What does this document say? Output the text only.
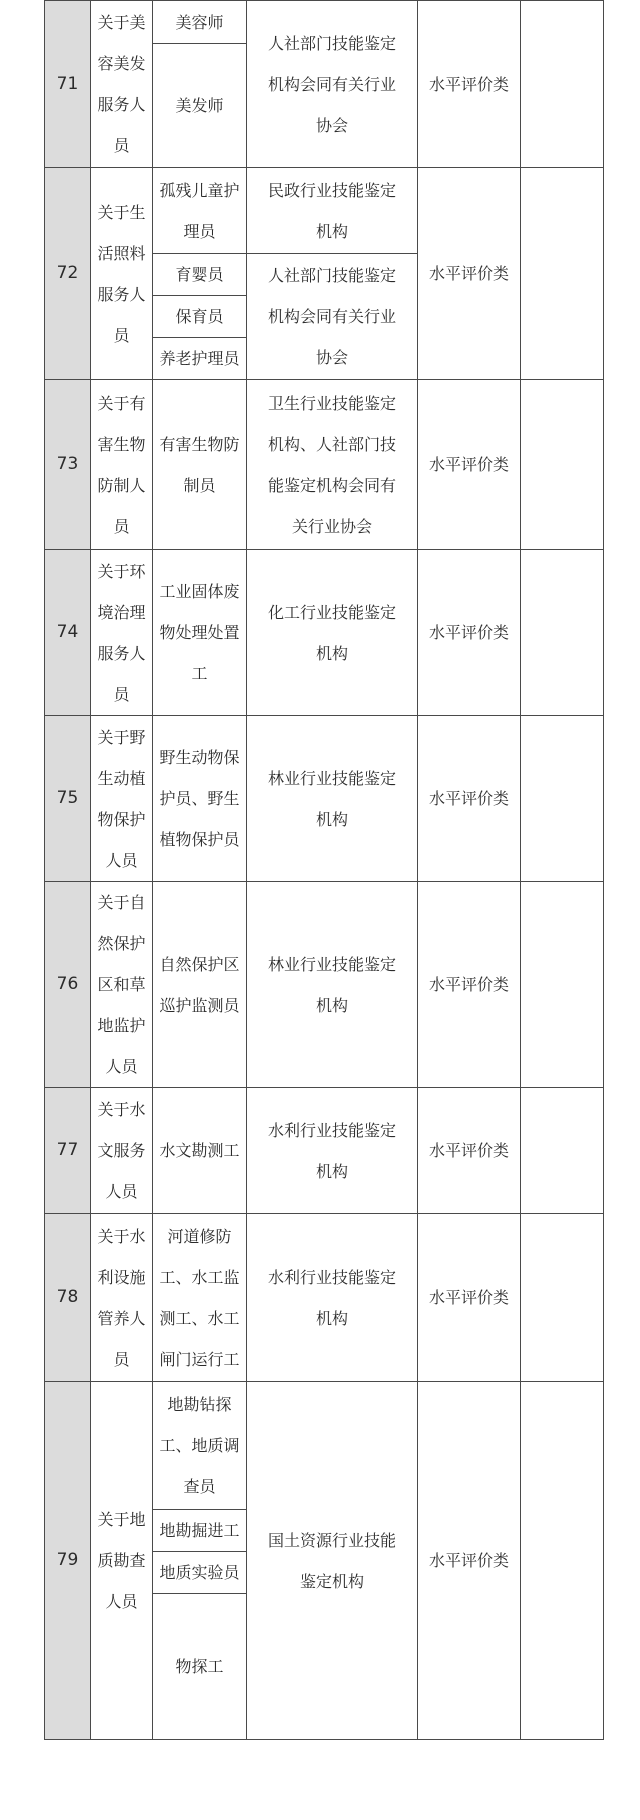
71	关于美容美发服务人员	美容师	人社部门技能鉴定机构会同有关行业协会	水平评价类	
		美发师			
72	关于生活照料服务人员	孤残儿童护理员	民政行业技能鉴定机构	水平评价类	
		育婴员	人社部门技能鉴定机构会同有关行业协会		
		保育员			
		养老护理员			
73	关于有害生物防制人员	有害生物防制员	卫生行业技能鉴定机构、人社部门技能鉴定机构会同有关行业协会	水平评价类	
74	关于环境治理服务人员	工业固体废物处理处置工	化工行业技能鉴定机构	水平评价类	
75	关于野生动植物保护人员	野生动物保护员、野生植物保护员	林业行业技能鉴定机构	水平评价类	
76	关于自然保护区和草地监护人员	自然保护区巡护监测员	林业行业技能鉴定机构	水平评价类	
77	关于水文服务人员	水文勘测工	水利行业技能鉴定机构	水平评价类	
78	关于水利设施管养人员	河道修防工、水工监测工、水工闸门运行工	水利行业技能鉴定机构	水平评价类	
79	关于地质勘查人员	地勘钻探工、地质调查员	国土资源行业技能鉴定机构	水平评价类	
		地勘掘进工			
		地质实验员			
		物探工			
